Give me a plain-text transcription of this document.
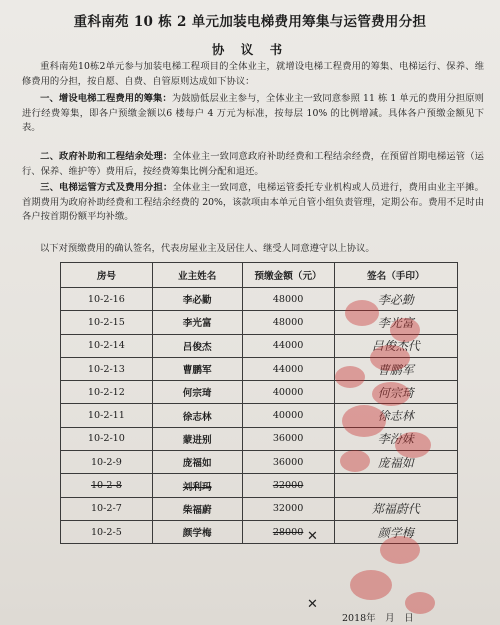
重科南苑 10 栋 2 单元加装电梯费用筹集与运管费用分担
协 议 书
重科南苑10栋2单元参与加装电梯工程项目的全体业主，就增设电梯工程费用的筹集、电梯运行、保养、维修费用的分担，按自愿、自费、自管原则达成如下协议：
一、增设电梯工程费用的筹集：为鼓励低层业主参与，全体业主一致同意参照 11 栋 1 单元的费用分担原则进行经费筹集，即各户预缴金额以6 楼每户 4 万元为标准，按每层 10% 的比例增减。具体各户预缴金额见下表。
二、政府补助和工程结余处理：全体业主一致同意政府补助经费和工程结余经费，在预留首期电梯运管（运行、保养、维护等）费用后，按经费筹集比例分配和退还。
三、电梯运管方式及费用分担：全体业主一致同意，电梯运管委托专业机构或人员进行，费用由业主平摊。首期费用为政府补助经费和工程结余经费的 20%，该款项由本单元自管小组负责管理，定期公布。费用不足时由各户按首期份额平均补缴。
以下对预缴费用的确认签名，代表房屋业主及居住人、继受人同意遵守以上协议。
房号	业主姓名	预缴金额（元）	签名（手印）
10-2-16	李必勤	48000	李必勤
10-2-15	李光富	48000	李光富
10-2-14	吕俊杰	44000	吕俊杰代
10-2-13	曹鹏军	44000	曹鹏军
10-2-12	何宗琦	40000	何宗琦
10-2-11	徐志林	40000	徐志林
10-2-10	蒙进别	36000	李汾妹
10-2-9	庞福如	36000	庞福如
10-2-8	刘利玛	32000	
10-2-7	柴福蔚	32000	郑福蔚代
10-2-5	颜学梅	28000	颜学梅
✕
✕
2018年　月　日
